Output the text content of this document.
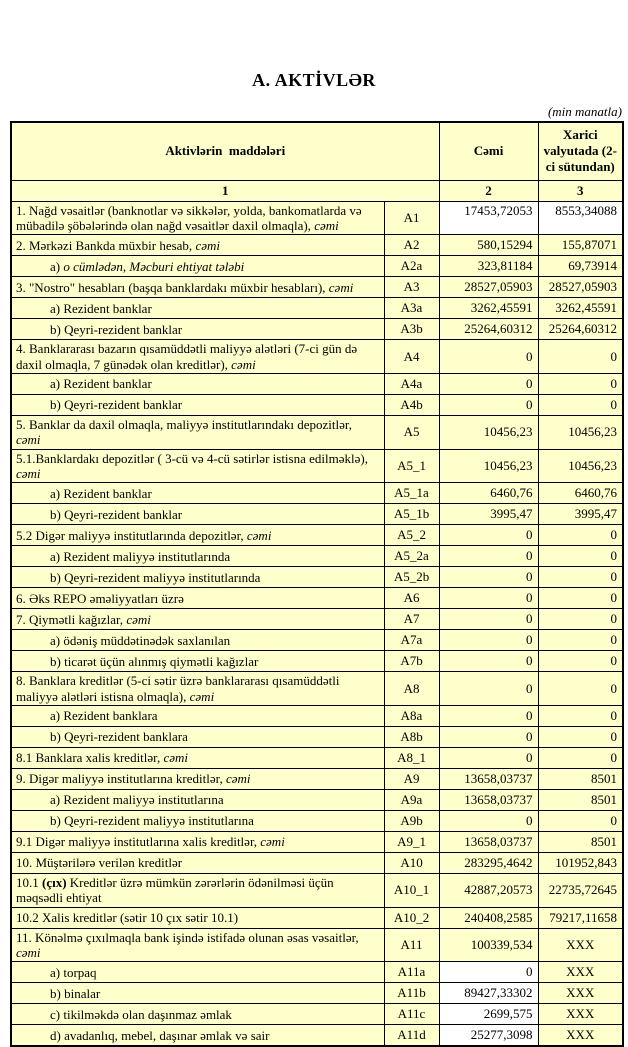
A. AKTİVLƏR
(min manatla)
Aktivlərin  maddələri		Cəmi	Xarici valyutada (2-ci sütundan)
1		2	3
1. Nağd vəsaitlər (banknotlar və sikkələr, yolda, bankomatlarda və mübadilə şöbələrində olan nağd vəsaitlər daxil olmaqla), cəmi	A1	17453,72053	8553,34088
2. Mərkəzi Bankda müxbir hesab, cəmi	A2	580,15294	155,87071
a) o cümlədən, Məcburi ehtiyat tələbi	A2a	323,81184	69,73914
3. "Nostro" hesabları (başqa banklardakı müxbir hesabları), cəmi	A3	28527,05903	28527,05903
a) Rezident banklar	A3a	3262,45591	3262,45591
b) Qeyri-rezident banklar	A3b	25264,60312	25264,60312
4. Banklararası bazarın qısamüddətli maliyyə alətləri (7-ci gün də daxil olmaqla, 7 günədək olan kreditlər), cəmi	A4	0	0
a) Rezident banklar	A4a	0	0
b) Qeyri-rezident banklar	A4b	0	0
5. Banklar da daxil olmaqla, maliyyə institutlarındakı depozitlər, cəmi	A5	10456,23	10456,23
5.1.Banklardakı depozitlər ( 3-cü və 4-cü sətirlər istisna edilməklə), cəmi	A5_1	10456,23	10456,23
a) Rezident banklar	A5_1a	6460,76	6460,76
b) Qeyri-rezident banklar	A5_1b	3995,47	3995,47
5.2 Digər maliyyə institutlarında depozitlər, cəmi	A5_2	0	0
a) Rezident maliyyə institutlarında	A5_2a	0	0
b) Qeyri-rezident maliyyə institutlarında	A5_2b	0	0
6. Əks REPO əməliyyatları üzrə	A6	0	0
7. Qiymətli kağızlar, cəmi	A7	0	0
a) ödəniş müddətinədək saxlanılan	A7a	0	0
b) ticarət üçün alınmış qiymətli kağızlar	A7b	0	0
8. Banklara kreditlər (5-ci sətir üzrə banklararası qısamüddətli maliyyə alətləri istisna olmaqla), cəmi	A8	0	0
a) Rezident banklara	A8a	0	0
b) Qeyri-rezident banklara	A8b	0	0
8.1 Banklara xalis kreditlər, cəmi	A8_1	0	0
9. Digər maliyyə institutlarına kreditlər, cəmi	A9	13658,03737	8501
a) Rezident maliyyə institutlarına	A9a	13658,03737	8501
b) Qeyri-rezident maliyyə institutlarına	A9b	0	0
9.1 Digər maliyyə institutlarına xalis kreditlər, cəmi	A9_1	13658,03737	8501
10. Müştərilərə verilən kreditlər	A10	283295,4642	101952,843
10.1 (çıx) Kreditlər üzrə mümkün zərərlərin ödənilməsi üçün məqsədli ehtiyat	A10_1	42887,20573	22735,72645
10.2 Xalis kreditlər (sətir 10 çıx sətir 10.1)	A10_2	240408,2585	79217,11658
11. Könəlmə çıxılmaqla bank işində istifadə olunan əsas vəsaitlər, cəmi	A11	100339,534	XXX
a) torpaq	A11a	0	XXX
b) binalar	A11b	89427,33302	XXX
c) tikilməkdə olan daşınmaz əmlak	A11c	2699,575	XXX
d) avadanlıq, mebel, daşınar əmlak və sair	A11d	25277,3098	XXX
